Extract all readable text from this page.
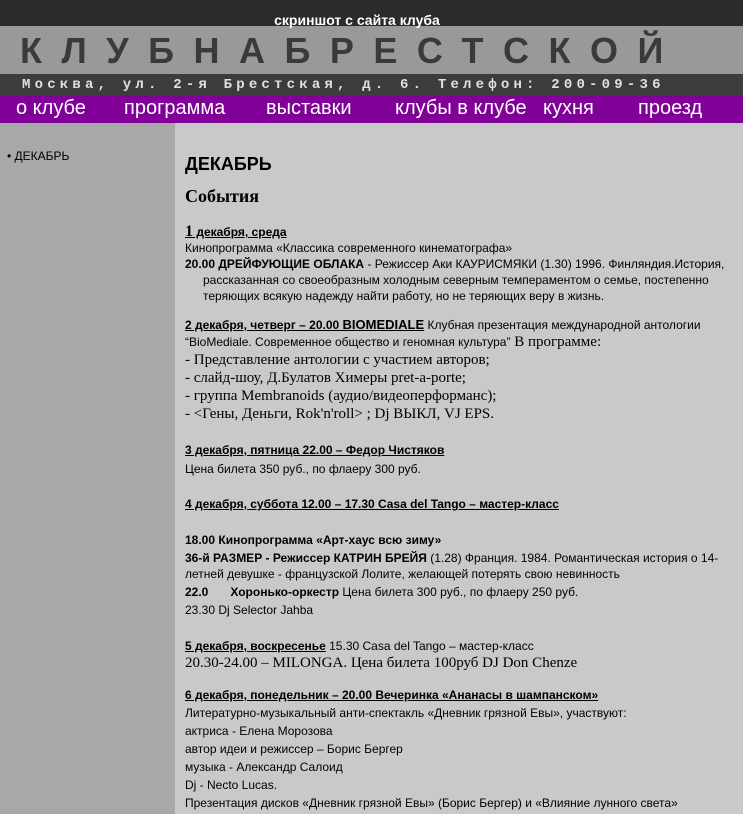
скриншот с сайта клуба
КЛУБНАБРЕСТСКОЙ
Москва, ул. 2-я Брестская, д. 6. Телефон: 200-09-36
о клубе программа выставки клубы в клубе кухня проезд
• ДЕКАБРЬ	ДЕКАБРЬ
События
1 декабря, среда
Кинопрограмма «Классика современного кинематографа»
20.00 ДРЕЙФУЮЩИЕ ОБЛАКА - Режиссер Аки КАУРИСМЯКИ (1.30) 1996. Финляндия.История, рассказанная со своеобразным холодным северным темпераментом о семье, постепенно теряющих всякую надежду найти работу, но не теряющих веру в жизнь.
2 декабря, четверг – 20.00 BIOMEDIALE Клубная презентация международной антологии “BioMediale. Современное общество и геномная культура” В программе:
- Представление антологии с участием авторов;
- слайд-шоу, Д.Булатов Химеры pret-a-porte;
- группа Membranoids (аудио/видеоперформанс);
- <Гены, Деньги, Rok'n'roll> ; Dj ВЫКЛ, VJ EPS.
3 декабря, пятница 22.00 – Федор Чистяков
Цена билета 350 руб., по флаеру 300 руб.
4 декабря, суббота 12.00 – 17.30 Casa del Tango – мастер-класс
18.00 Кинопрограмма «Арт-хаус всю зиму»
36-й РАЗМЕР - Режиссер КАТРИН БРЕЙЯ (1.28) Франция. 1984. Романтическая история о 14-летней девушке - французской Лолите, желающей потерять свою невинность
22.0 Хоронько-оркестр Цена билета 300 руб., по флаеру 250 руб.
23.30 Dj Selector Jahba
5 декабря, воскресенье 15.30 Casa del Tango – мастер-класс
20.30-24.00 – MILONGA. Цена билета 100руб DJ Don Chenze
6 декабря, понедельник – 20.00 Вечеринка «Ананасы в шампанском»
Литературно-музыкальный анти-спектакль «Дневник грязной Евы», участвуют:
актриса - Елена Морозова
автор идеи и режиссер – Борис Бергер
музыка - Александр Салоид
Dj - Necto Lucas.
Презентация дисков «Дневник грязной Евы» (Борис Бергер) и «Влияние лунного света»
